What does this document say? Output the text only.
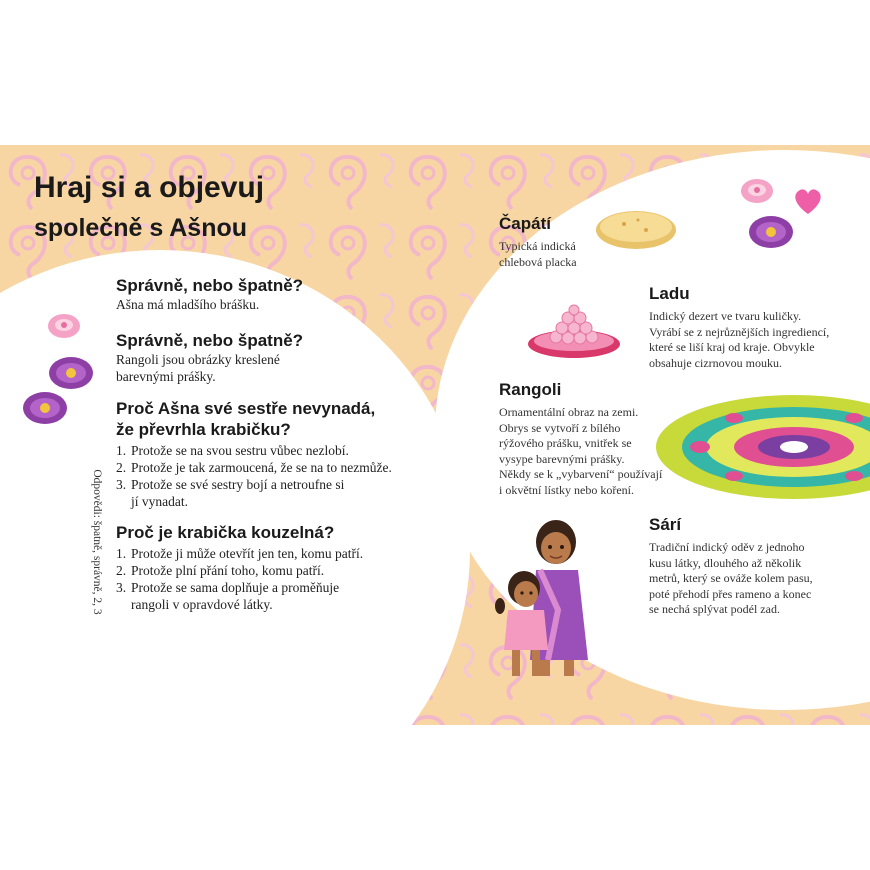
Hraj si a objevuj
společně s Ašnou
Správně, nebo špatně?
Ašna má mladšího brášku.
Správně, nebo špatně?
Rangoli jsou obrázky kreslené
barevnými prášky.
Proč Ašna své sestře nevynadá,
že převrhla krabičku?
1. Protože se na svou sestru vůbec nezlobí.
2. Protože je tak zarmoucená, že se na to nezmůže.
3. Protože se své sestry bojí a netroufne si
jí vynadat.
Proč je krabička kouzelná?
1. Protože ji může otevřít jen ten, komu patří.
2. Protože plní přání toho, komu patří.
3. Protože se sama doplňuje a proměňuje
rangoli v opravdové látky.
Odpovědi: špatně, správně, 2, 3
Čapátí
Typická indická
chlebová placka
Ladu
Indický dezert ve tvaru kuličky.
Vyrábí se z nejrůznějších ingrediencí,
které se liší kraj od kraje. Obvykle
obsahuje cizrnovou mouku.
Rangoli
Ornamentální obraz na zemi.
Obrys se vytvoří z bílého
rýžového prášku, vnitřek se
vysype barevnými prášky.
Někdy se k „vybarvení“ používají
i okvětní lístky nebo koření.
Sárí
Tradiční indický oděv z jednoho
kusu látky, dlouhého až několik
metrů, který se ováže kolem pasu,
poté přehodí přes rameno a konec
se nechá splývat podél zad.
